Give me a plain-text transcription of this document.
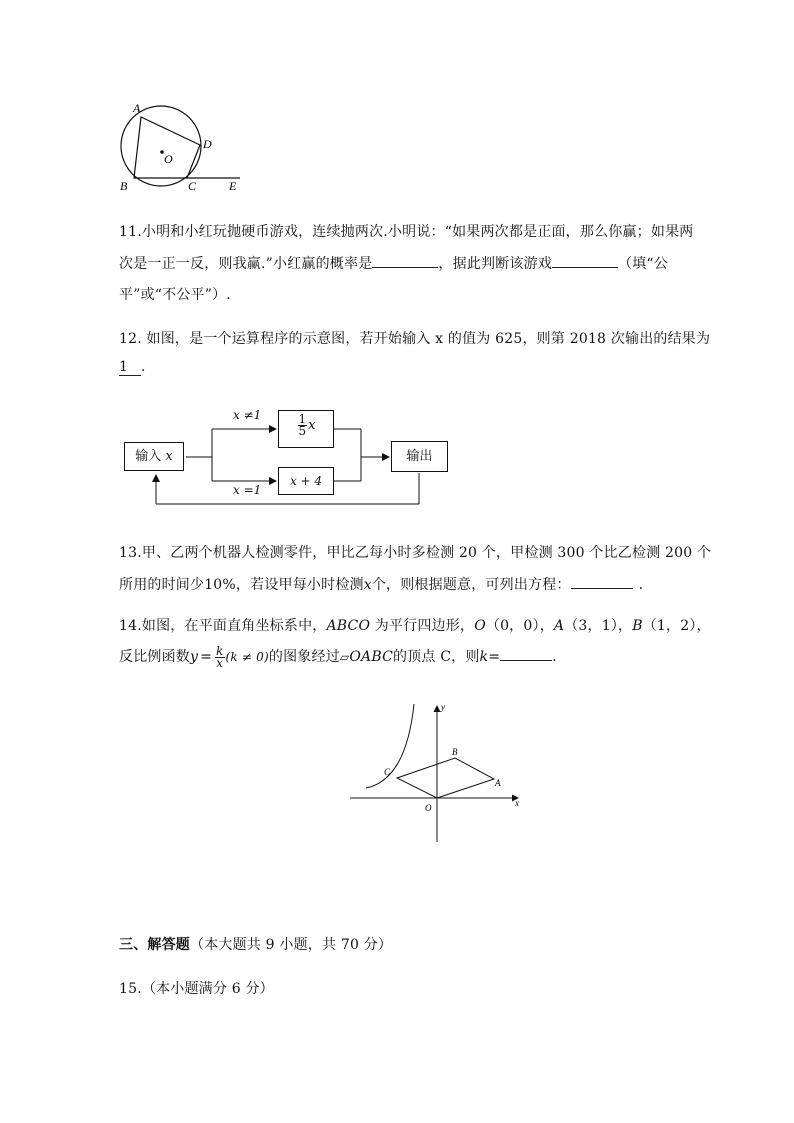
A
O
D
B	C	E
11.小明和小红玩抛硬币游戏，连续抛两次.小明说：“如果两次都是正面，那么你赢；如果两
次是一正一反，则我赢.”小红赢的概率是	，据此判断该游戏	（填“公
平”或“不公平”）.
12. 如图，是一个运算程序的示意图，若开始输入 x 的值为 625，则第 2018 次输出的结果为
1 .
输入 x
x ≠1
x =1
$\frac{1}{5}$ x
x + 4
输出
13.甲、乙两个机器人检测零件，甲比乙每小时多检测 20 个，甲检测 300 个比乙检测 200 个
所用的时间少10%，若设甲每小时检测x个，则根据题意，可列出方程：	.
14.如图，在平面直角坐标系中，ABCO 为平行四边形，O（0，0），A（3，1），B（1，2），
反比例函数$y = \frac{k}{x} (k \ne 0)$的图象经过▱OABC的顶点 C，则k=	.
y
x
O
A
B
C
三、解答题（本大题共 9 小题，共 70 分）
15.（本小题满分 6 分）
